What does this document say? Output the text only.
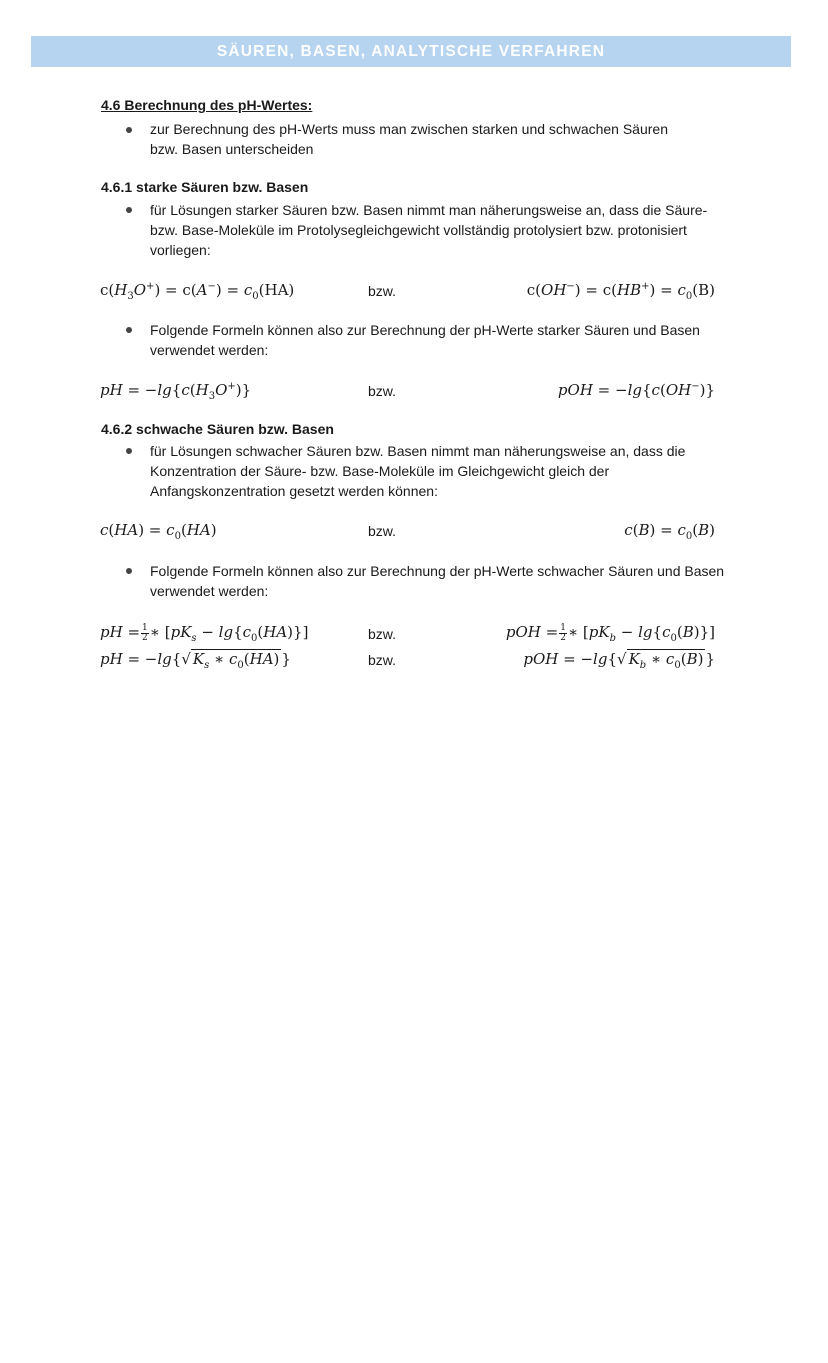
SÄUREN, BASEN, ANALYTISCHE VERFAHREN
4.6 Berechnung des pH-Wertes:
zur Berechnung des pH-Werts muss man zwischen starken und schwachen Säuren
bzw. Basen unterscheiden
4.6.1 starke Säuren bzw. Basen
für Lösungen starker Säuren bzw. Basen nimmt man näherungsweise an, dass die Säure- bzw. Base-Moleküle im Protolysegleichgewicht vollständig protolysiert bzw. protonisiert vorliegen:
$c(H_3O^+) = c(A^-) = c_0(HA)$	bzw.	$c(OH^-) = c(HB^+) = c_0(B)$
Folgende Formeln können also zur Berechnung der pH-Werte starker Säuren und Basen verwendet werden:
pH = $-\lg\{c(H_3O^+)\}$	bzw.	pOH = −lg{c(OH−)}
4.6.2 schwache Säuren bzw. Basen
für Lösungen schwacher Säuren bzw. Basen nimmt man näherungsweise an, dass die Konzentration der Säure- bzw. Base-Moleküle im Gleichgewicht gleich der Anfangskonzentration gesetzt werden können:
$c(HA) = c_0(HA)$	bzw.	$c(B) = c_0(B)$
Folgende Formeln können also zur Berechnung der pH-Werte schwacher Säuren und Basen verwendet werden:
pH = $\frac{1}{2}$ ∗ $[pK_s - \lg\{c_0(HA)\}]$	bzw.	pOH = $\frac{1}{2}$ ∗ $[pK_b - \lg\{c_0(B)\}]$
pH = −lg{√ $K_s$ ∗ $c_0(HA)$ }	bzw.	pOH = −lg{√ $K_b$ ∗ $c_0(B)$ }
